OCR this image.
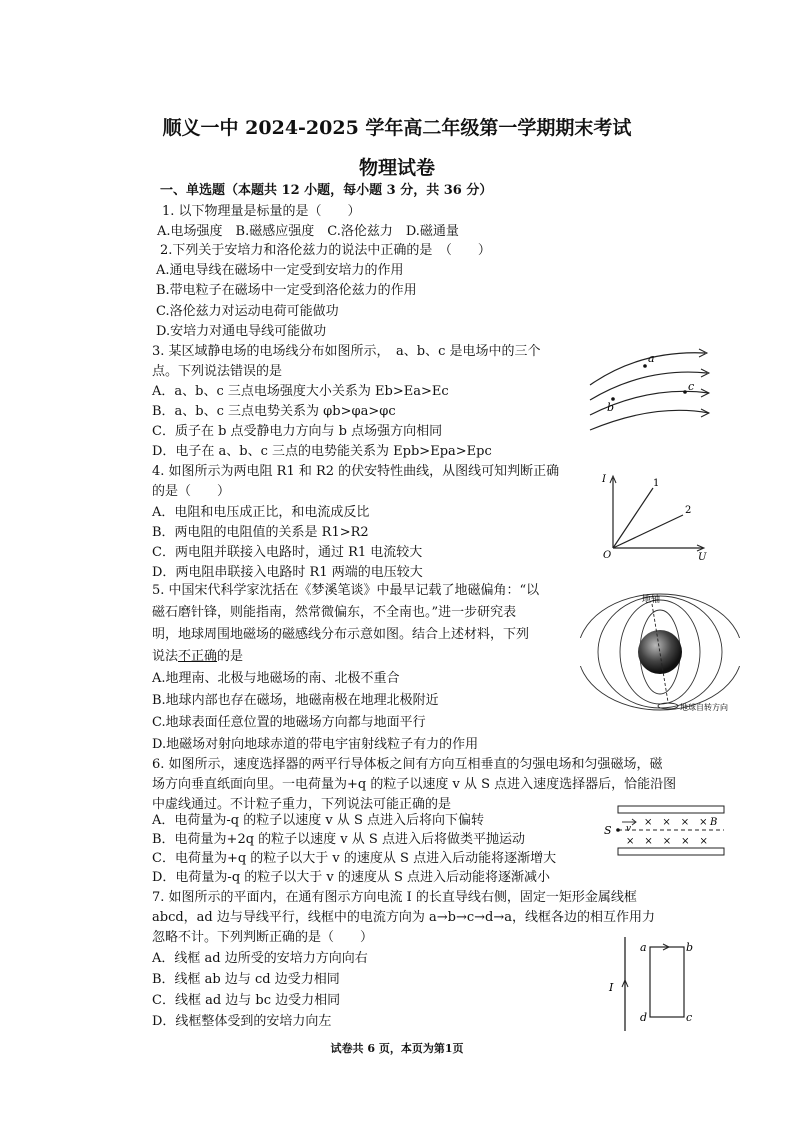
顺义一中 2024-2025 学年高二年级第一学期期末考试
物理试卷
一、单选题（本题共 12 小题，每小题 3 分，共 36 分）
1. 以下物理量是标量的是（　　）
A.电场强度　B.磁感应强度　C.洛伦兹力　D.磁通量
2.下列关于安培力和洛伦兹力的说法中正确的是　（　　）
A.通电导线在磁场中一定受到安培力的作用
B.带电粒子在磁场中一定受到洛伦兹力的作用
C.洛伦兹力对运动电荷可能做功
D.安培力对通电导线可能做功
3. 某区域静电场的电场线分布如图所示，　a、b、c 是电场中的三个
点。下列说法错误的是
A．a、b、c 三点电场强度大小关系为 Eb>Ea>Ec
B．a、b、c 三点电势关系为 φb>φa>φc
C．质子在 b 点受静电力方向与 b 点场强方向相同
D．电子在 a、b、c 三点的电势能关系为 Epb>Epa>Epc
a
b
c
4. 如图所示为两电阻 R1 和 R2 的伏安特性曲线，从图线可知判断正确
的是（　　）
A．电阻和电压成正比，和电流成反比
B．两电阻的电阻值的关系是 R1>R2
C．两电阻并联接入电路时，通过 R1 电流较大
D．两电阻串联接入电路时 R1 两端的电压较大
I
U
O
1
2
5. 中国宋代科学家沈括在《梦溪笔谈》中最早记载了地磁偏角：“以
磁石磨针锋，则能指南，然常微偏东，不全南也。”进一步研究表
明，地球周围地磁场的磁感线分布示意如图。结合上述材料，下列
说法不正确的是
A.地理南、北极与地磁场的南、北极不重合
B.地球内部也存在磁场，地磁南极在地理北极附近
C.地球表面任意位置的地磁场方向都与地面平行
D.地磁场对射向地球赤道的带电宇宙射线粒子有力的作用
地轴
地球自转方向
6. 如图所示，速度选择器的两平行导体板之间有方向互相垂直的匀强电场和匀强磁场，磁
场方向垂直纸面向里。一电荷量为+q 的粒子以速度 v 从 S 点进入速度选择器后，恰能沿图
中虚线通过。不计粒子重力，下列说法可能正确的是
A．电荷量为-q 的粒子以速度 v 从 S 点进入后将向下偏转
B．电荷量为+2q 的粒子以速度 v 从 S 点进入后将做类平抛运动
C．电荷量为+q 的粒子以大于 v 的速度从 S 点进入后动能将逐渐增大
D．电荷量为-q 的粒子以大于 v 的速度从 S 点进入后动能将逐渐减小
S v
×　×　×　× B
×　×　×　×　×
7. 如图所示的平面内，在通有图示方向电流 I 的长直导线右侧，固定一矩形金属线框
abcd，ad 边与导线平行，线框中的电流方向为 a→b→c→d→a，线框各边的相互作用力
忽略不计。下列判断正确的是（　　）
A．线框 ad 边所受的安培力方向向右
B．线框 ab 边与 cd 边受力相同
C．线框 ad 边与 bc 边受力相同
D．线框整体受到的安培力向左
I
a	b
c
d
试卷共 6 页，本页为第1页
